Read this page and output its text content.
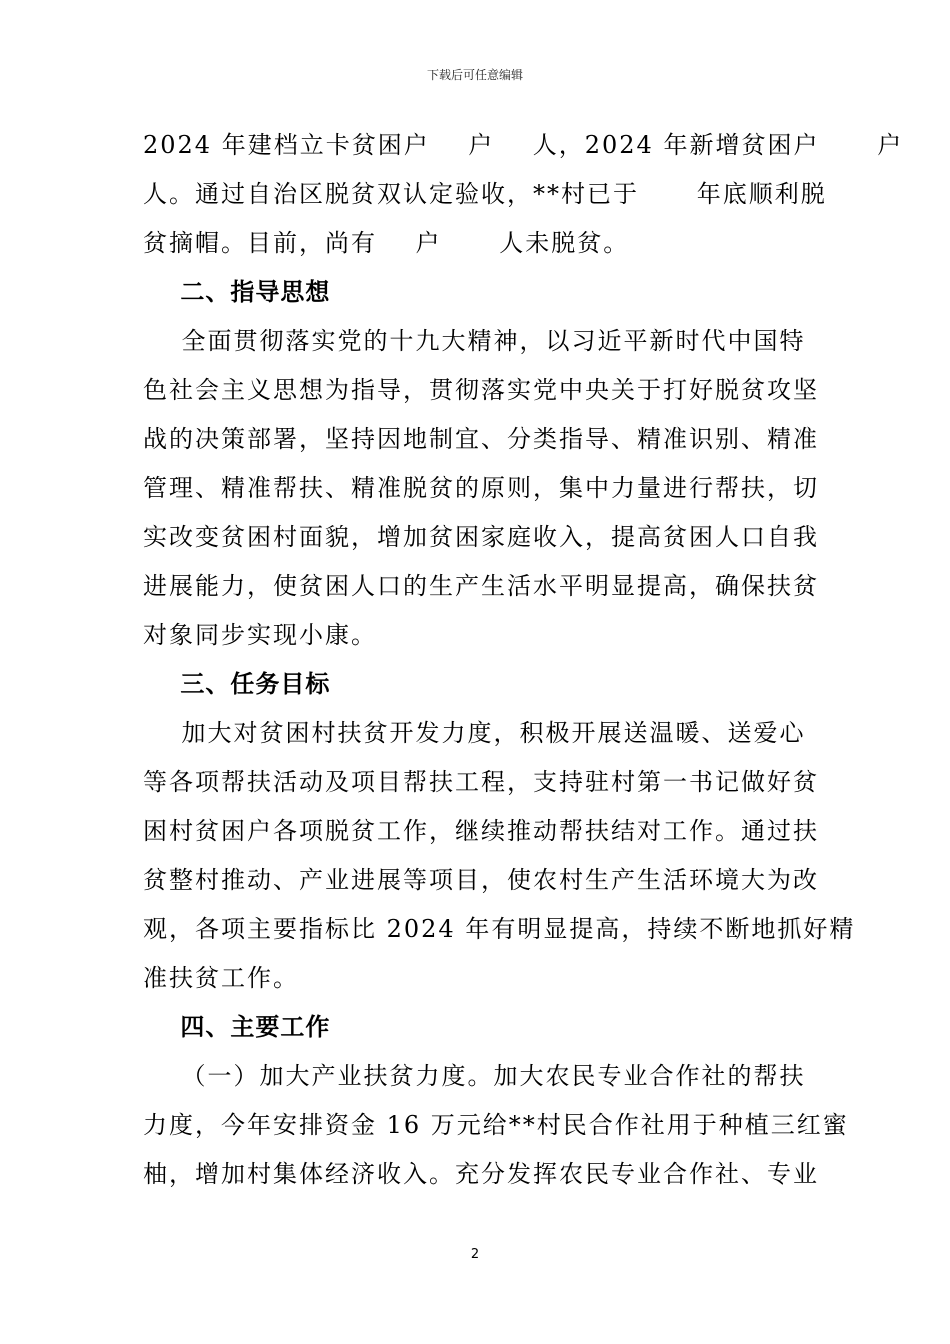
下载后可任意编辑
2024 年建档立卡贫困户    户    人，2024 年新增贫困户      户
人。通过自治区脱贫双认定验收，**村已于      年底顺利脱
贫摘帽。目前，尚有    户      人未脱贫。
二、指导思想
全面贯彻落实党的十九大精神，以习近平新时代中国特
色社会主义思想为指导，贯彻落实党中央关于打好脱贫攻坚
战的决策部署，坚持因地制宜、分类指导、精准识别、精准
管理、精准帮扶、精准脱贫的原则，集中力量进行帮扶，切
实改变贫困村面貌，增加贫困家庭收入，提高贫困人口自我
进展能力，使贫困人口的生产生活水平明显提高，确保扶贫
对象同步实现小康。
三、任务目标
加大对贫困村扶贫开发力度，积极开展送温暖、送爱心
等各项帮扶活动及项目帮扶工程，支持驻村第一书记做好贫
困村贫困户各项脱贫工作，继续推动帮扶结对工作。通过扶
贫整村推动、产业进展等项目，使农村生产生活环境大为改
观，各项主要指标比 2024 年有明显提高，持续不断地抓好精
准扶贫工作。
四、主要工作
（一）加大产业扶贫力度。加大农民专业合作社的帮扶
力度，今年安排资金 16 万元给**村民合作社用于种植三红蜜
柚，增加村集体经济收入。充分发挥农民专业合作社、专业
2
